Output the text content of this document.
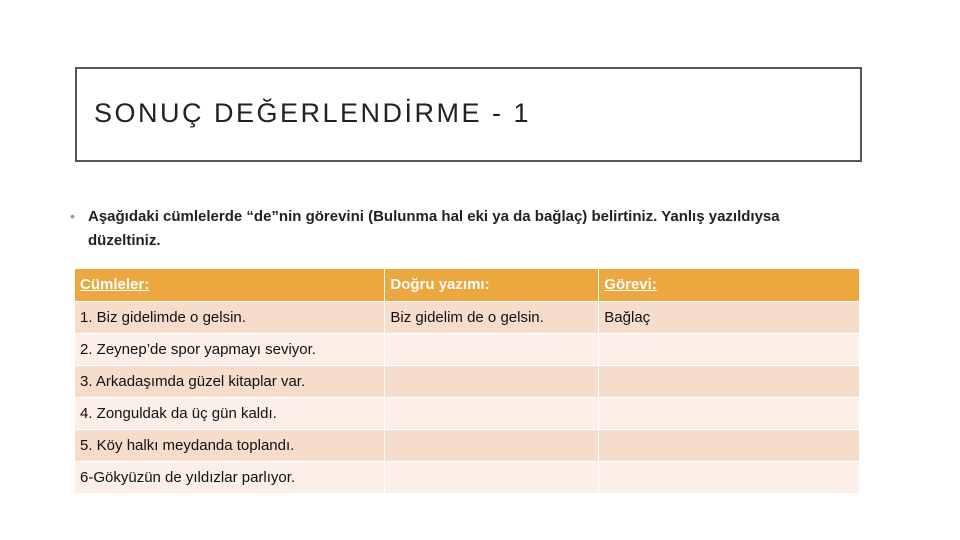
SONUÇ DEĞERLENDİRME - 1
• Aşağıdaki cümlelerde “de”nin görevini (Bulunma hal eki ya da bağlaç) belirtiniz. Yanlış yazıldıysa düzeltiniz.
Cümleler:	Doğru yazımı:	Görevi:
1. Biz gidelimde o gelsin.	Biz gidelim de o gelsin.	Bağlaç
2. Zeynep’de spor yapmayı seviyor.		
3. Arkadaşımda güzel kitaplar var.		
4. Zonguldak da üç gün kaldı.		
5. Köy halkı meydanda toplandı.		
6-Gökyüzün de yıldızlar parlıyor.		
